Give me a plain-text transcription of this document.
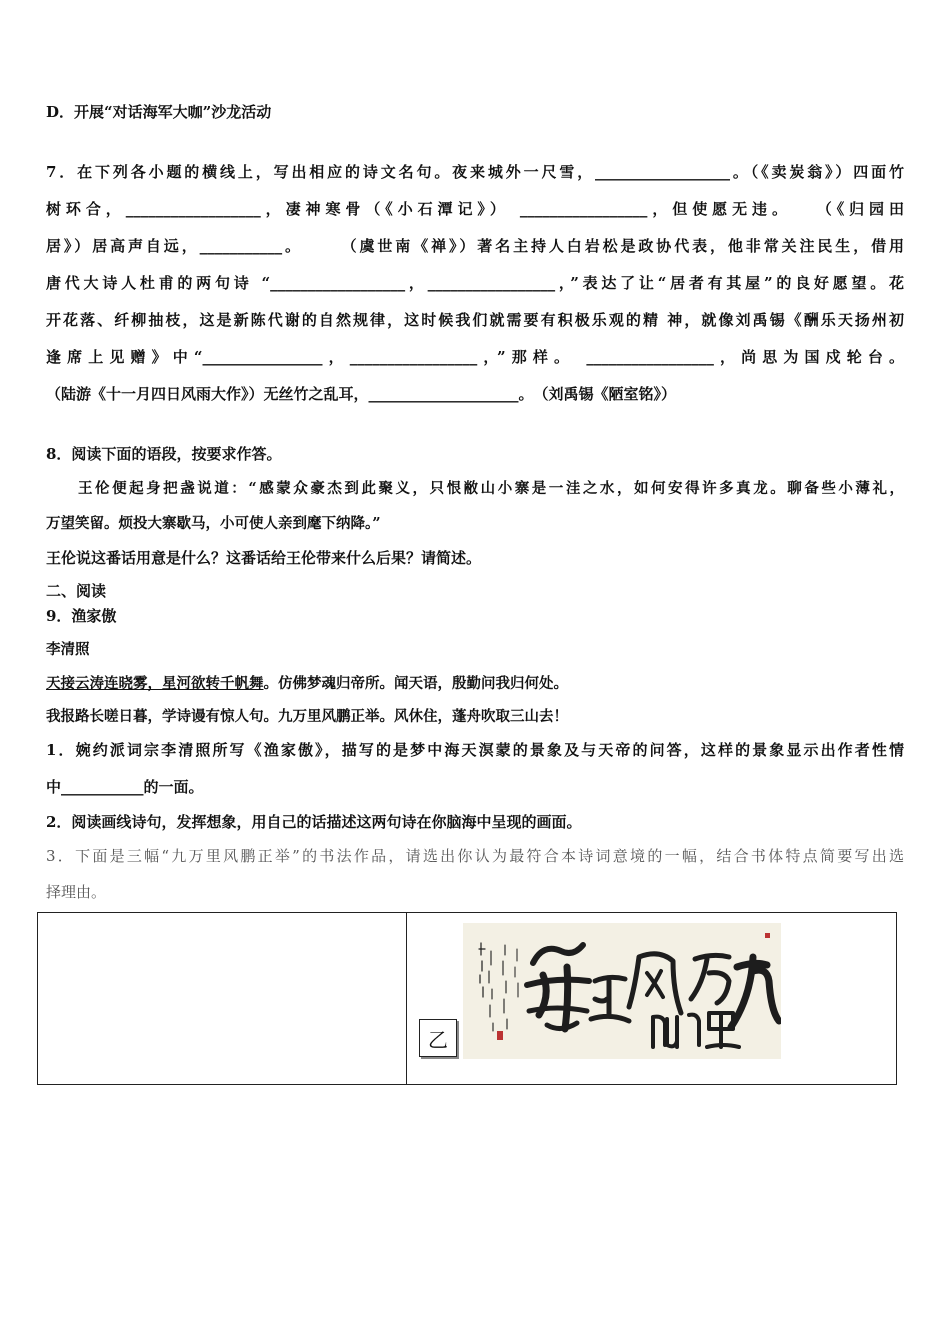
D．开展“对话海军大咖”沙龙活动
7．在下列各小题的横线上，写出相应的诗文名句。夜来城外一尺雪，__________________。（《卖炭翁》）四面竹
树环合，__________________，凄神寒骨（《小石潭记》） _________________，但使愿无违。　　（《归园田
居》）居高声自远，___________。　　　（虞世南《禅》）著名主持人白岩松是政协代表，他非常关注民生，借用
唐代大诗人杜甫的两句诗 “__________________，_________________，”表达了让“居者有其屋”的良好愿望。花
开花落、纤柳抽枝，这是新陈代谢的自然规律，这时候我们就需要有积极乐观的精 神，就像刘禹锡《酬乐天扬州初
逢席上见赠》中“________________，_________________，”那样。 _________________，尚思为国戍轮台。
（陆游《十一月四日风雨大作》）无丝竹之乱耳，____________________。　（刘禹锡《陋室铭》）
8．阅读下面的语段，按要求作答。
王伦便起身把盏说道：“感蒙众豪杰到此聚义，只恨敝山小寨是一洼之水，如何安得许多真龙。聊备些小薄礼，
万望笑留。烦投大寨歇马，小可使人亲到麾下纳降。”
王伦说这番话用意是什么？这番话给王伦带来什么后果？请简述。
二、阅读
9．渔家傲
李清照
天接云涛连晓雾，星河欲转千帆舞。仿佛梦魂归帝所。闻天语，殷勤问我归何处。
我报路长嗟日暮，学诗谩有惊人句。九万里风鹏正举。风休住，蓬舟吹取三山去！
1．婉约派词宗李清照所写《渔家傲》，描写的是梦中海天溟蒙的景象及与天帝的问答，这样的景象显示出作者性情
中___________的一面。
2．阅读画线诗句，发挥想象，用自己的话描述这两句诗在你脑海中呈现的画面。
3．下面是三幅“九万里风鹏正举”的书法作品，请选出你认为最符合本诗词意境的一幅，结合书体特点简要写出选
择理由。

乙
